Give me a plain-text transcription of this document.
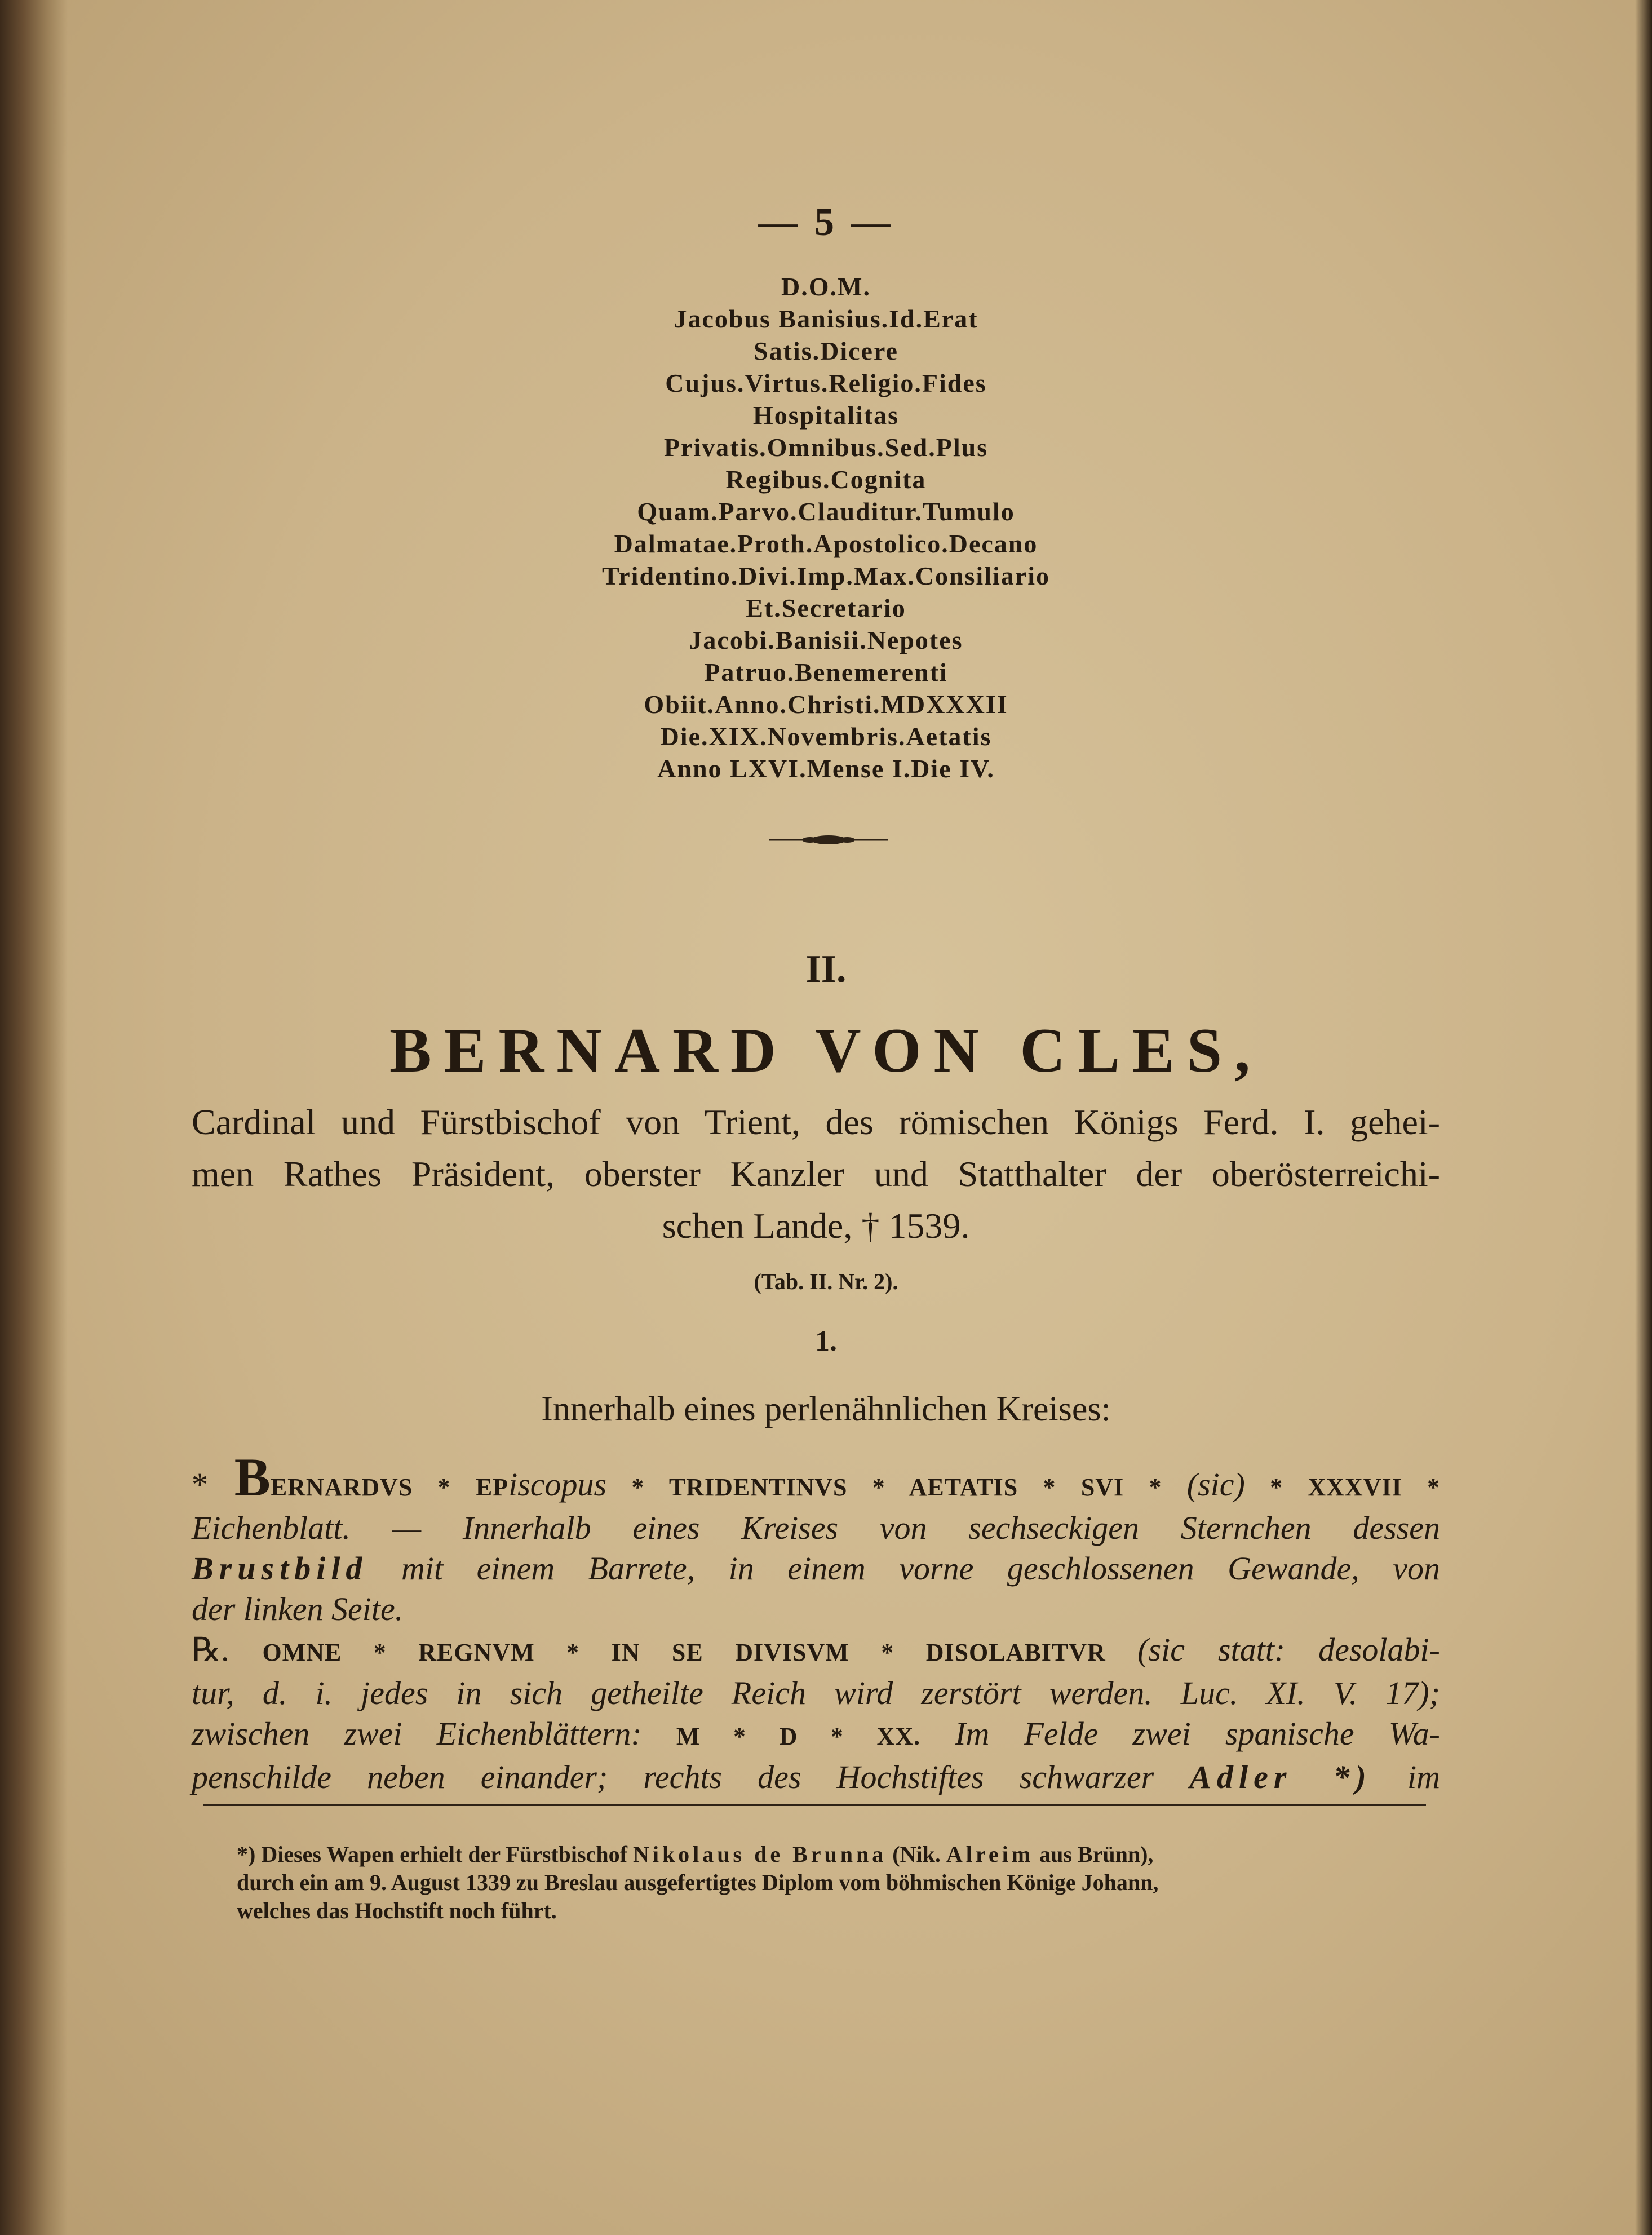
— 5 —
D.O.M.
Jacobus Banisius.Id.Erat
Satis.Dicere
Cujus.Virtus.Religio.Fides
Hospitalitas
Privatis.Omnibus.Sed.Plus
Regibus.Cognita
Quam.Parvo.Clauditur.Tumulo
Dalmatae.Proth.Apostolico.Decano
Tridentino.Divi.Imp.Max.Consiliario
Et.Secretario
Jacobi.Banisii.Nepotes
Patruo.Benemerenti
Obiit.Anno.Christi.MDXXXII
Die.XIX.Novembris.Aetatis
Anno LXVI.Mense I.Die IV.
II.
BERNARD VON CLES,
Cardinal und Fürstbischof von Trient, des römischen Königs Ferd. I. gehei-
men Rathes Präsident, oberster Kanzler und Statthalter der oberösterreichi-
schen Lande, † 1539.
(Tab. II. Nr. 2).
1.
Innerhalb eines perlenähnlichen Kreises:
* BERNARDVS * EPiscopus * TRIDENTINVS * AETATIS * SVI * (sic) * XXXVII *
Eichenblatt. — Innerhalb eines Kreises von sechseckigen Sternchen dessen
Brustbild mit einem Barrete, in einem vorne geschlossenen Gewande, von
der linken Seite.
℞. OMNE * REGNVM * IN SE DIVISVM * DISOLABITVR (sic statt: desolabi-
tur, d. i. jedes in sich getheilte Reich wird zerstört werden. Luc. XI. V. 17);
zwischen zwei Eichenblättern: M * D * XX. Im Felde zwei spanische Wa-
penschilde neben einander; rechts des Hochstiftes schwarzer Adler *) im
*) Dieses Wapen erhielt der Fürstbischof Nikolaus de Brunna (Nik. Alreim aus Brünn),
durch ein am 9. August 1339 zu Breslau ausgefertigtes Diplom vom böhmischen Könige Johann,
welches das Hochstift noch führt.
